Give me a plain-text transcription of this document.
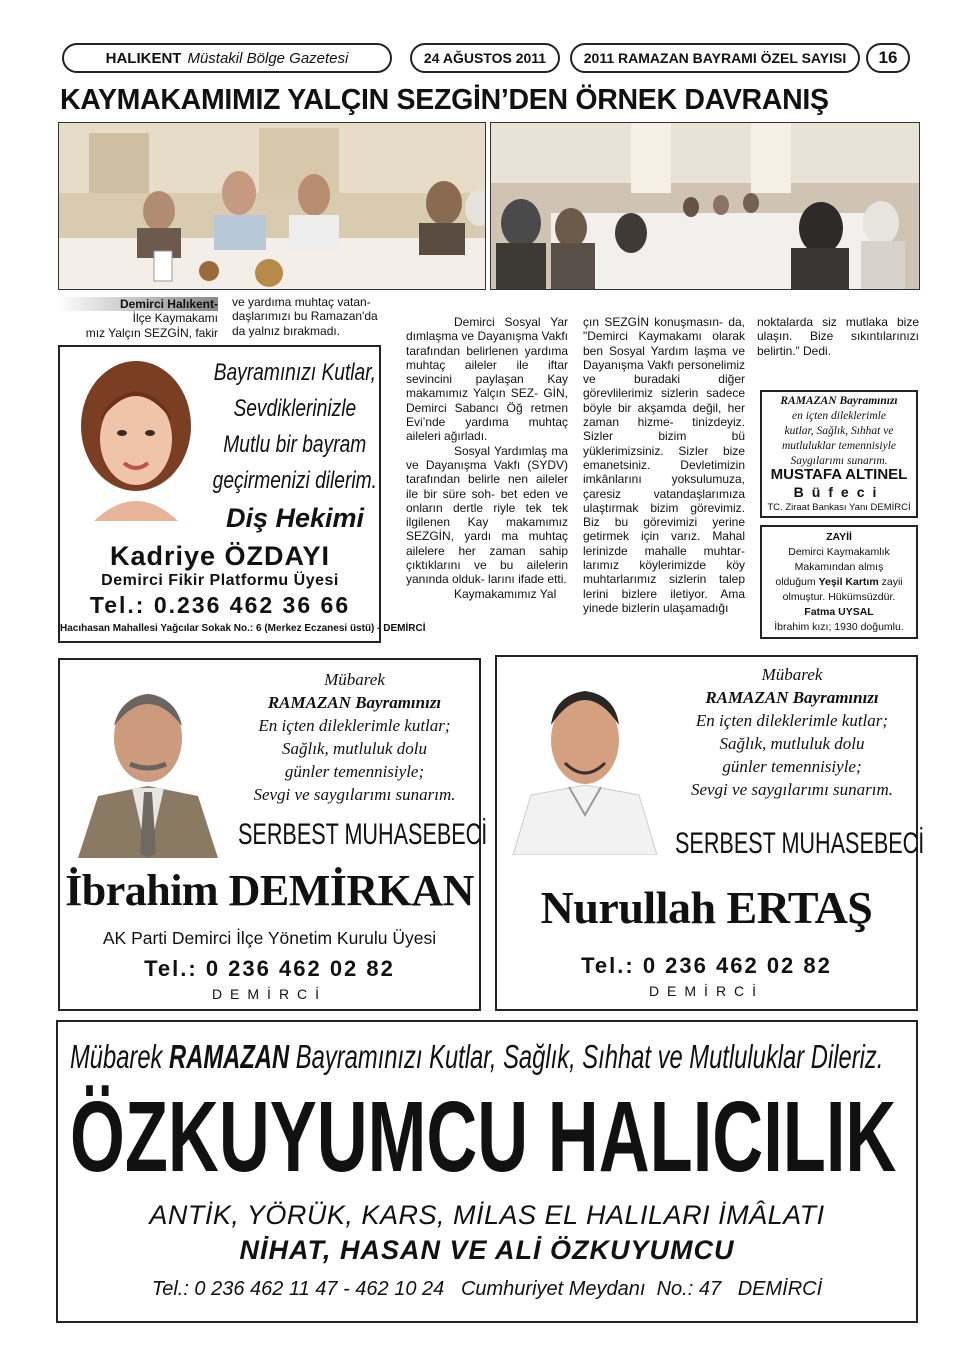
HALIKENT Müstakil Bölge Gazetesi	24 AĞUSTOS 2011	2011 RAMAZAN BAYRAMI ÖZEL SAYISI 16
KAYMAKAMIMIZ YALÇIN SEZGİN’DEN ÖRNEK DAVRANIŞ

Demirci Halıkent-

İlçe Kaymakamı

mız Yalçın SEZGİN, fakir

ve yardıma muhtaç vatan- daşlarımızı bu Ramazan'da da yalnız bırakmadı.

Demirci Sosyal Yar dımlaşma ve Dayanışma Vakfı tarafından belirlenen yardıma muhtaç aileler ile iftar sevincini paylaşan Kay makamımız Yalçın SEZ- GİN, Demirci Sabancı Öğ retmen Evi’nde yardıma muhtaç aileleri ağırladı.

Sosyal Yardımlaş ma ve Dayanışma Vakfı (SYDV) tarafından belirle nen aileler ile bir süre soh- bet eden ve onların dertle riyle tek tek ilgilenen Kay makamımız SEZGİN, yardı ma muhtaç ailelere her zaman sahip çıktıklarını ve bu ailelerin yanında olduk- larını ifade etti.

Kaymakamımız Yal

çın SEZGİN konuşmasın- da, "Demirci Kaymakamı olarak ben Sosyal Yardım laşma ve Dayanışma Vakfı personelimiz ve buradaki diğer görevlilerimiz sizlerin sadece böyle bir akşamda değil, her zaman hizme- tinizdeyiz. Sizler bizim bü yüklerimizsiniz. Sizler bize emanetsiniz. Devletimizin imkânlarını yoksulumuza, çaresiz vatandaşlarımıza ulaştırmak bizim görevimiz. Biz bu görevimizi yerine getirmek için varız. Mahal lerinizde mahalle muhtar- larımız köylerimizde köy muhtarlarımız sizlerin talep lerini bizlere iletiyor. Ama yinede bizlerin ulaşamadığı

noktalarda siz mutlaka bize ulaşın. Bize sıkıntılarınızı belirtin.” Dedi.

Bayramınızı Kutlar,
Sevdiklerinizle
Mutlu bir bayram
geçirmenizi dilerim.
Diş Hekimi
Kadriye ÖZDAYI
Demirci Fikir Platformu Üyesi
Tel.: 0.236 462 36 66
Hacıhasan Mahallesi Yağcılar Sokak No.: 6 (Merkez Eczanesi üstü) - DEMİRCİ
RAMAZAN Bayramınızı
en içten dileklerimle
kutlar, Sağlık, Sıhhat ve
mutluluklar temennisiyle
Saygılarımı sunarım.
MUSTAFA ALTINEL
Büfeci
TC. Ziraat Bankası Yanı DEMİRCİ
ZAYİİ
Demirci Kaymakamlık
Makamından almış
olduğum Yeşil Kartım zayii
olmuştur. Hükümsüzdür.
Fatma UYSAL
İbrahim kızı; 1930 doğumlu.
Mübarek
RAMAZAN Bayramınızı
En içten dileklerimle kutlar;
Sağlık, mutluluk dolu
günler temennisiyle;
Sevgi ve saygılarımı sunarım.
SERBEST MUHASEBECİ
İbrahim DEMİRKAN
AK Parti Demirci İlçe Yönetim Kurulu Üyesi
Tel.: 0 236 462 02 82
DEMİRCİ
Mübarek
RAMAZAN Bayramınızı
En içten dileklerimle kutlar;
Sağlık, mutluluk dolu
günler temennisiyle;
Sevgi ve saygılarımı sunarım.
SERBEST MUHASEBECİ
Nurullah ERTAŞ
Tel.: 0 236 462 02 82
DEMİRCİ
Mübarek RAMAZAN Bayramınızı Kutlar, Sağlık, Sıhhat ve Mutluluklar Dileriz.
ÖZKUYUMCU HALICILIK
ANTİK, YÖRÜK, KARS, MİLAS EL HALILARI İMÂLATI
NİHAT, HASAN VE ALİ ÖZKUYUMCU
Tel.: 0 236 462 11 47 - 462 10 24   Cumhuriyet Meydanı  No.: 47   DEMİRCİ
